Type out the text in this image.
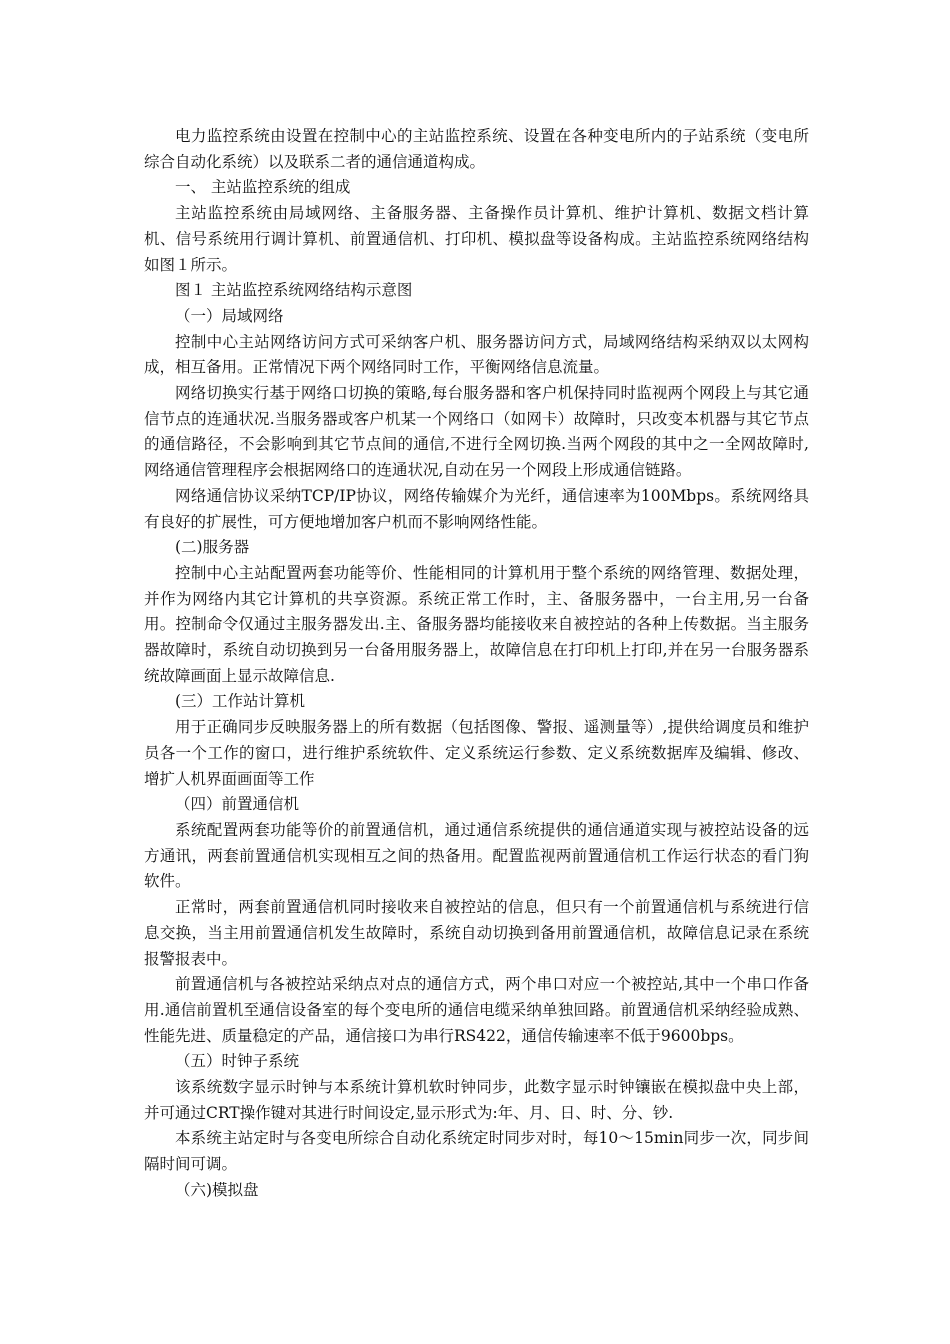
电力监控系统由设置在控制中心的主站监控系统、设置在各种变电所内的子站系统（变电所综合自动化系统）以及联系二者的通信通道构成。

一、 主站监控系统的组成

主站监控系统由局域网络、主备服务器、主备操作员计算机、维护计算机、数据文档计算机、信号系统用行调计算机、前置通信机、打印机、模拟盘等设备构成。主站监控系统网络结构如图１所示。

图１ 主站监控系统网络结构示意图

（一）局域网络

控制中心主站网络访问方式可采纳客户机、服务器访问方式，局域网络结构采纳双以太网构成，相互备用。正常情况下两个网络同时工作，平衡网络信息流量。

网络切换实行基于网络口切换的策略,每台服务器和客户机保持同时监视两个网段上与其它通信节点的连通状况.当服务器或客户机某一个网络口（如网卡）故障时，只改变本机器与其它节点的通信路径，不会影响到其它节点间的通信,不进行全网切换.当两个网段的其中之一全网故障时,网络通信管理程序会根据网络口的连通状况,自动在另一个网段上形成通信链路。

网络通信协议采纳TCP/IP协议，网络传输媒介为光纤，通信速率为100Mbps。系统网络具有良好的扩展性，可方便地增加客户机而不影响网络性能。

(二)服务器

控制中心主站配置两套功能等价、性能相同的计算机用于整个系统的网络管理、数据处理，并作为网络内其它计算机的共享资源。系统正常工作时，主、备服务器中，一台主用,另一台备用。控制命令仅通过主服务器发出.主、备服务器均能接收来自被控站的各种上传数据。当主服务器故障时，系统自动切换到另一台备用服务器上，故障信息在打印机上打印,并在另一台服务器系统故障画面上显示故障信息.

(三）工作站计算机

用于正确同步反映服务器上的所有数据（包括图像、警报、遥测量等）,提供给调度员和维护员各一个工作的窗口，进行维护系统软件、定义系统运行参数、定义系统数据库及编辑、修改、增扩人机界面画面等工作

（四）前置通信机

系统配置两套功能等价的前置通信机，通过通信系统提供的通信通道实现与被控站设备的远方通讯，两套前置通信机实现相互之间的热备用。配置监视两前置通信机工作运行状态的看门狗软件。

正常时，两套前置通信机同时接收来自被控站的信息，但只有一个前置通信机与系统进行信息交换，当主用前置通信机发生故障时，系统自动切换到备用前置通信机，故障信息记录在系统报警报表中。

前置通信机与各被控站采纳点对点的通信方式，两个串口对应一个被控站,其中一个串口作备用.通信前置机至通信设备室的每个变电所的通信电缆采纳单独回路。前置通信机采纳经验成熟、性能先进、质量稳定的产品，通信接口为串行RS422，通信传输速率不低于9600bps。

（五）时钟子系统

该系统数字显示时钟与本系统计算机软时钟同步，此数字显示时钟镶嵌在模拟盘中央上部，并可通过CRT操作键对其进行时间设定,显示形式为:年、月、日、时、分、钞.

本系统主站定时与各变电所综合自动化系统定时同步对时，每10～15min同步一次，同步间隔时间可调。

（六)模拟盘
